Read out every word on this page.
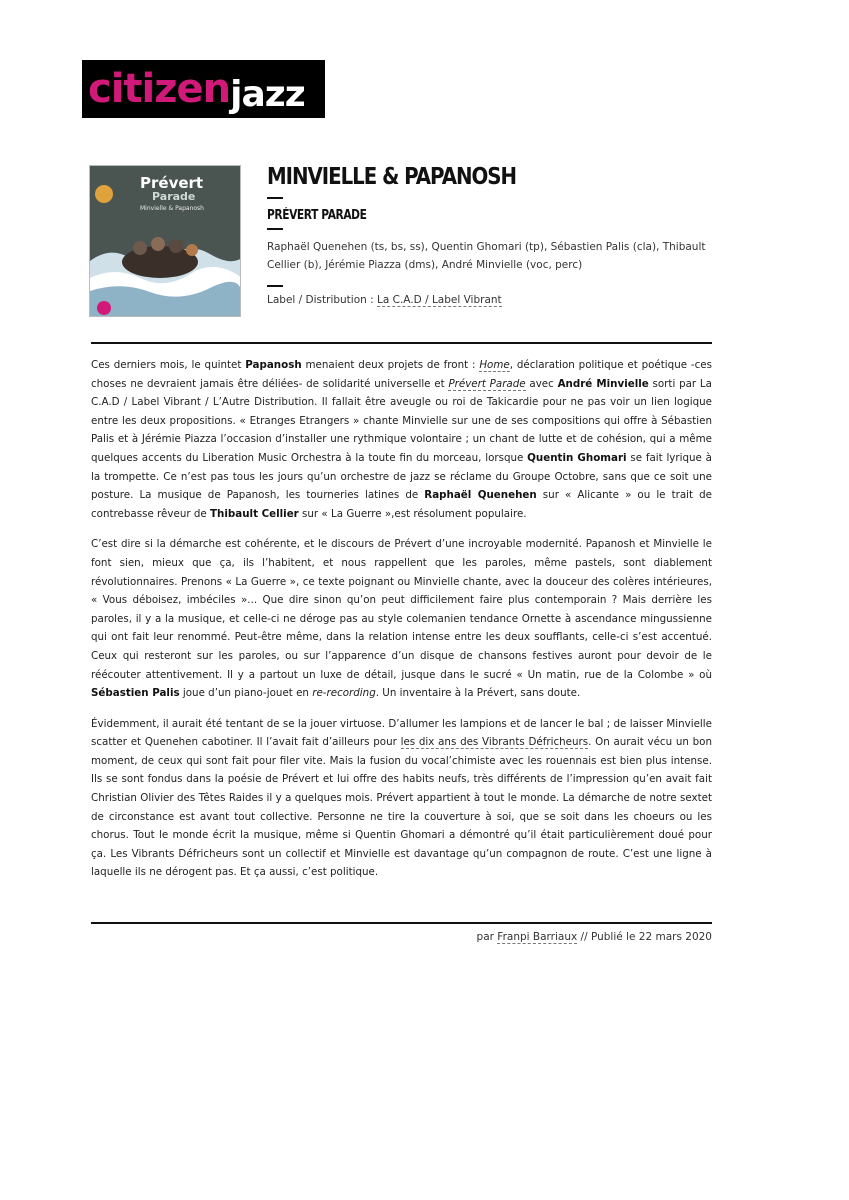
citizenjazz
Prévert
Parade
Minvielle & Papanosh
MINVIELLE & PAPANOSH
PRÉVERT PARADE
Raphaël Quenehen (ts, bs, ss), Quentin Ghomari (tp), Sébastien Palis (cla), Thibault Cellier (b), Jérémie Piazza (dms), André Minvielle (voc, perc)
Label / Distribution : La C.A.D / Label Vibrant

Ces derniers mois, le quintet Papanosh menaient deux projets de front : Home, déclaration politique et poétique -ces choses ne devraient jamais être déliées- de solidarité universelle et Prévert Parade avec André Minvielle sorti par La C.A.D / Label Vibrant / L’Autre Distribution. Il fallait être aveugle ou roi de Takicardie pour ne pas voir un lien logique entre les deux propositions. « Etranges Etrangers » chante Minvielle sur une de ses compositions qui offre à Sébastien Palis et à Jérémie Piazza l’occasion d’installer une rythmique volontaire ; un chant de lutte et de cohésion, qui a même quelques accents du Liberation Music Orchestra à la toute fin du morceau, lorsque Quentin Ghomari se fait lyrique à la trompette. Ce n’est pas tous les jours qu’un orchestre de jazz se réclame du Groupe Octobre, sans que ce soit une posture. La musique de Papanosh, les tourneries latines de Raphaël Quenehen sur « Alicante » ou le trait de contrebasse rêveur de Thibault Cellier sur « La Guerre »,est résolument populaire.

C’est dire si la démarche est cohérente, et le discours de Prévert d’une incroyable modernité. Papanosh et Minvielle le font sien, mieux que ça, ils l’habitent, et nous rappellent que les paroles, même pastels, sont diablement révolutionnaires. Prenons « La Guerre », ce texte poignant ou Minvielle chante, avec la douceur des colères intérieures, « Vous déboisez, imbéciles »... Que dire sinon qu’on peut difficilement faire plus contemporain ? Mais derrière les paroles, il y a la musique, et celle-ci ne déroge pas au style colemanien tendance Ornette à ascendance mingussienne qui ont fait leur renommé. Peut-être même, dans la relation intense entre les deux soufflants, celle-ci s’est accentué. Ceux qui resteront sur les paroles, ou sur l’apparence d’un disque de chansons festives auront pour devoir de le réécouter attentivement. Il y a partout un luxe de détail, jusque dans le sucré « Un matin, rue de la Colombe » où Sébastien Palis joue d’un piano-jouet en re-recording. Un inventaire à la Prévert, sans doute.

Évidemment, il aurait été tentant de se la jouer virtuose. D’allumer les lampions et de lancer le bal ; de laisser Minvielle scatter et Quenehen cabotiner. Il l’avait fait d’ailleurs pour les dix ans des Vibrants Défricheurs. On aurait vécu un bon moment, de ceux qui sont fait pour filer vite. Mais la fusion du vocal’chimiste avec les rouennais est bien plus intense. Ils se sont fondus dans la poésie de Prévert et lui offre des habits neufs, très différents de l’impression qu’en avait fait Christian Olivier des Têtes Raides il y a quelques mois. Prévert appartient à tout le monde. La démarche de notre sextet de circonstance est avant tout collective. Personne ne tire la couverture à soi, que se soit dans les choeurs ou les chorus. Tout le monde écrit la musique, même si Quentin Ghomari a démontré qu’il était particulièrement doué pour ça. Les Vibrants Défricheurs sont un collectif et Minvielle est davantage qu’un compagnon de route. C’est une ligne à laquelle ils ne dérogent pas. Et ça aussi, c’est politique.

par Franpi Barriaux // Publié le 22 mars 2020
